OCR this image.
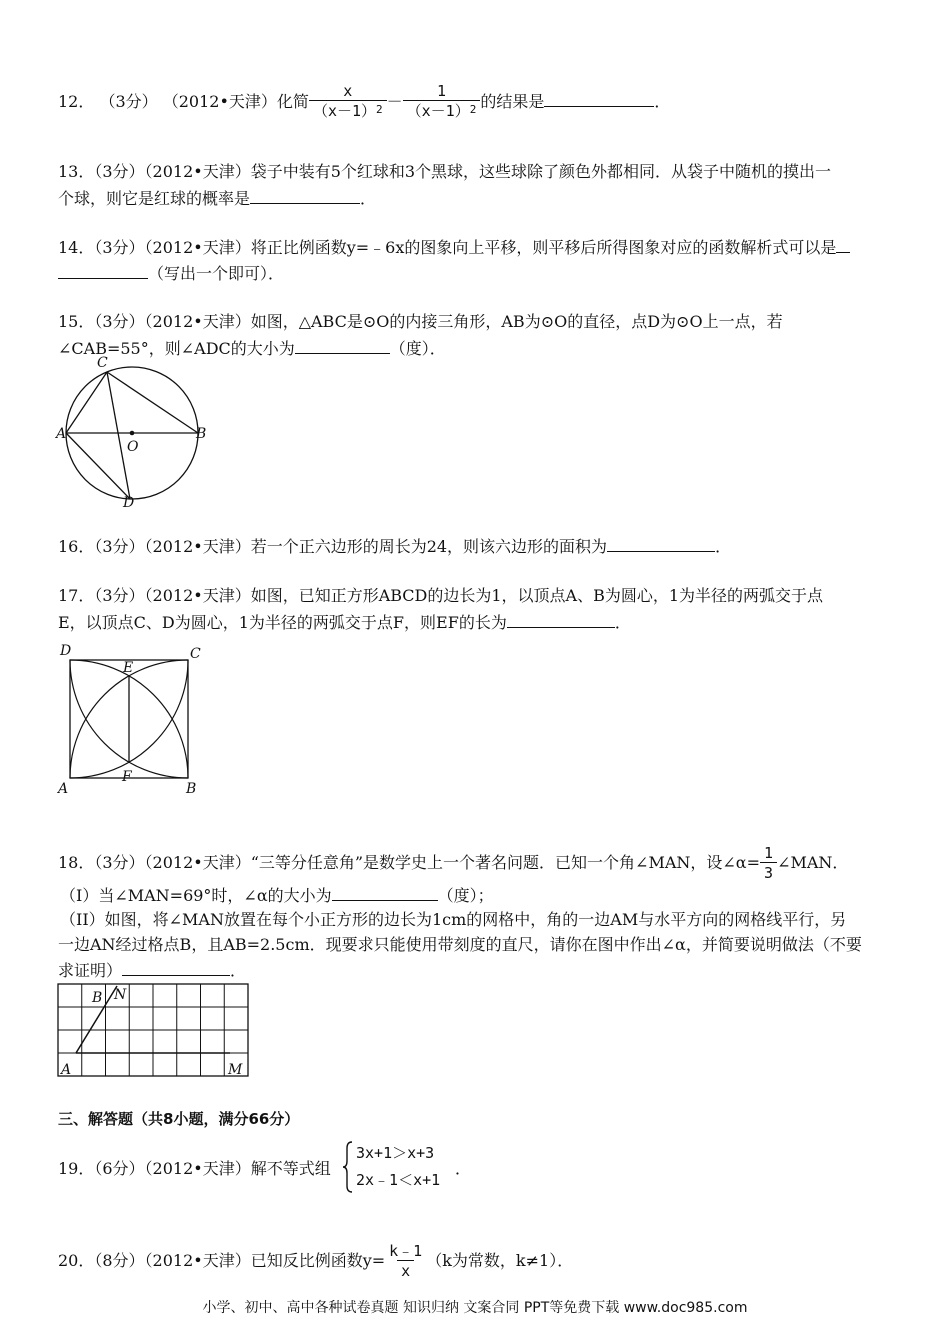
12． （3分） （2012•天津）化简 $\frac{x}{(x-1)^2} - \frac{1}{(x-1)^2}$ 的结果是	．
13．（3分）（2012•天津）袋子中装有5个红球和3个黑球，这些球除了颜色外都相同．从袋子中随机的摸出一
个球，则它是红球的概率是	．
14．（3分）（2012•天津）将正比例函数y=﹣6x的图象向上平移，则平移后所得图象对应的函数解析式可以是
（写出一个即可）．
15．（3分）（2012•天津）如图，△ABC是⊙O的内接三角形，AB为⊙O的直径，点D为⊙O上一点，若
∠CAB=55°，则∠ADC的大小为	（度）．
C
A
O
B
D
16．（3分）（2012•天津）若一个正六边形的周长为24，则该六边形的面积为	．
17．（3分）（2012•天津）如图，已知正方形ABCD的边长为1，以顶点A、B为圆心，1为半径的两弧交于点
E，以顶点C、D为圆心，1为半径的两弧交于点F，则EF的长为	．
D
E
C
F
A	B
18．（3分）（2012•天津）“三等分任意角”是数学史上一个著名问题．已知一个角∠MAN，设∠α= $\frac{1}{3}$ ∠MAN．
（I）当∠MAN=69°时，∠α的大小为	（度）；
（II）如图，将∠MAN放置在每个小正方形的边长为1cm的网格中，角的一边AM与水平方向的网格线平行，另
一边AN经过格点B，且AB=2.5cm．现要求只能使用带刻度的直尺，请你在图中作出∠α，并简要说明做法（不要
求证明）	．
B N
A	M
三、解答题（共8小题，满分66分）
19．（6分）（2012•天津）解不等式组
3x+1＞x+3
2x﹣1＜x+1
．
20．（8分）（2012•天津）已知反比例函数$y= \frac{k﹣1}{x} (k$为常数，k≠1）．
小学、初中、高中各种试卷真题 知识归纳 文案合同 PPT等免费下载 www.doc985.com
